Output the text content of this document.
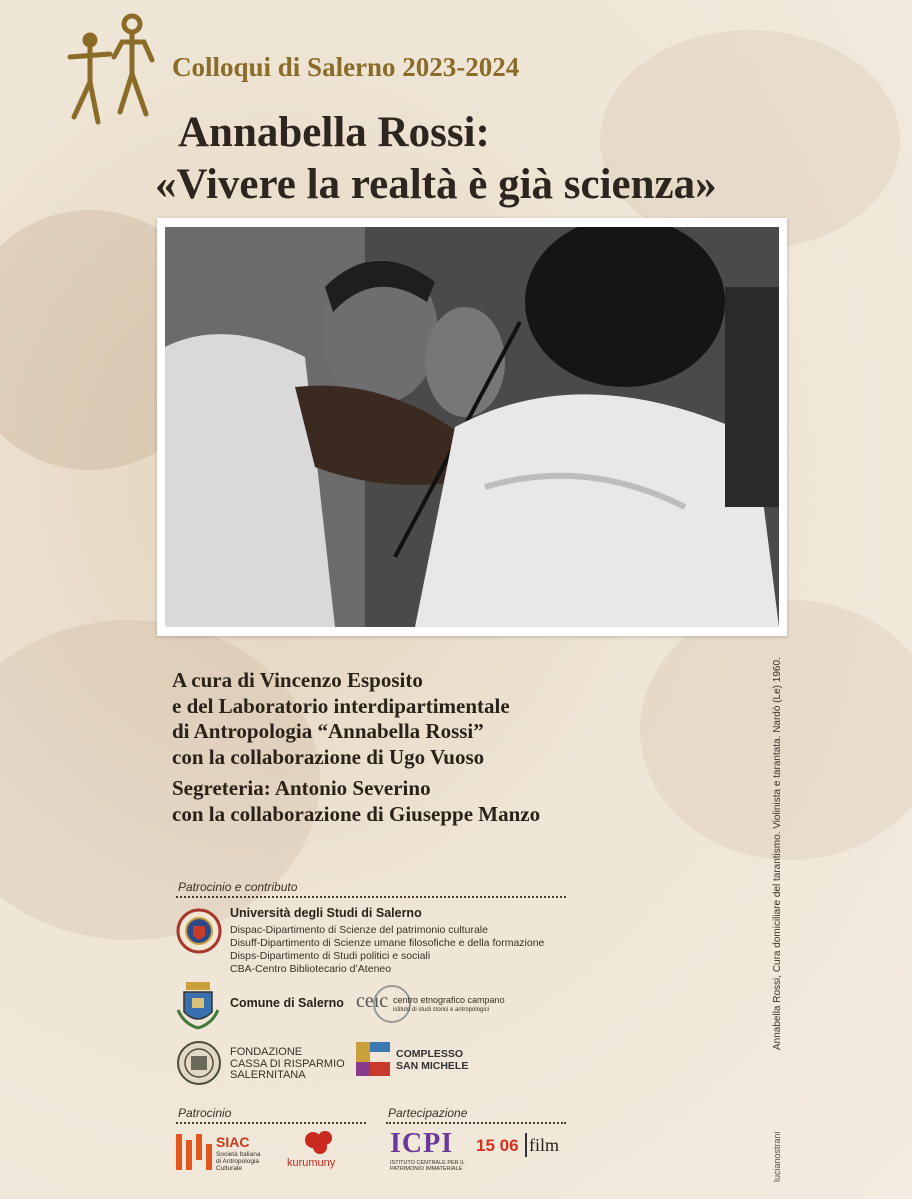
Colloqui di Salerno 2023-2024
Annabella Rossi:
«Vivere la realtà è già scienza»
A cura di Vincenzo Esposito
e del Laboratorio interdipartimentale
di Antropologia “Annabella Rossi”
con la collaborazione di Ugo Vuoso
Segreteria: Antonio Severino
con la collaborazione di Giuseppe Manzo	Annabella Rossi, Cura domiciliare del tarantismo. Violinista e tarantata. Nardò (Le) 1960.
lucianostrani
Patrocinio e contributo
Università degli Studi di Salerno
Dispac-Dipartimento di Scienze del patrimonio culturale
Disuff-Dipartimento di Scienze umane filosofiche e della formazione
Disps-Dipartimento di Studi politici e sociali
CBA-Centro Bibliotecario d’Ateneo
Comune di Salerno ceic centro etnografico campano
istituto di studi storici e antropologici
FONDAZIONE
CASSA DI RISPARMIO
SALERNITANA
COMPLESSO
SAN MICHELE
Patrocinio	Partecipazione
SIAC
Società Italiana
di Antropologia
Culturale	kurumuny
ICPI
ISTITUTO CENTRALE PER IL
PATRIMONIO IMMATERIALE
15 06 film
